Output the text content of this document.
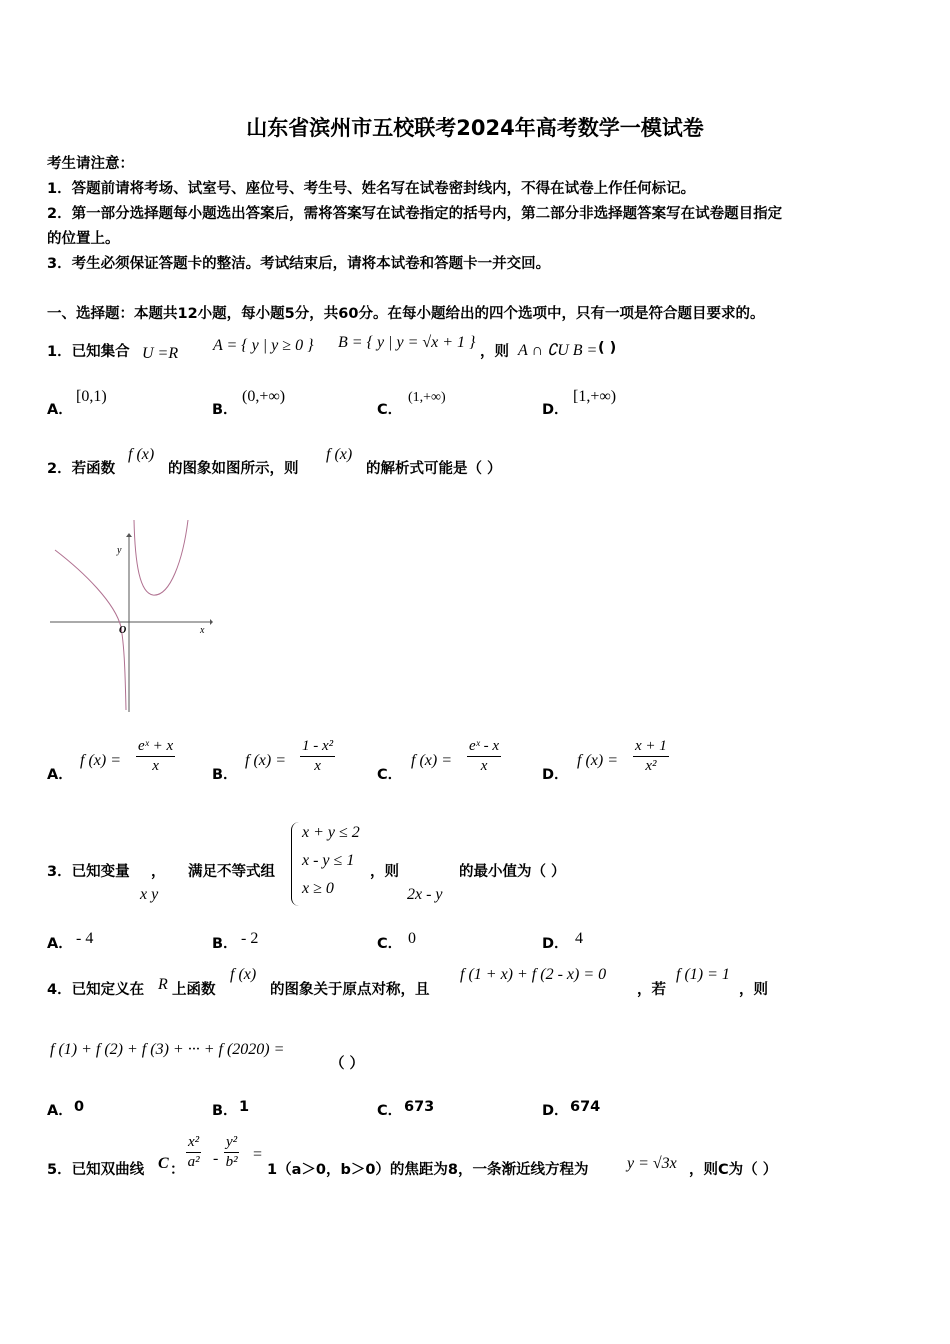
山东省滨州市五校联考2024年高考数学一模试卷
考生请注意：
1．答题前请将考场、试室号、座位号、考生号、姓名写在试卷密封线内，不得在试卷上作任何标记。
2．第一部分选择题每小题选出答案后，需将答案写在试卷指定的括号内，第二部分非选择题答案写在试卷题目指定
的位置上。
3．考生必须保证答题卡的整洁。考试结束后，请将本试卷和答题卡一并交回。
一、选择题：本题共12小题，每小题5分，共60分。在每小题给出的四个选项中，只有一项是符合题目要求的。
1．已知集合 U =R A = { y | y ≥ 0 } B = { y | y = √x + 1 }
，则 A ∩ ∁U B = ( )
A．
[0,1)
B．
(0,+∞)
C．
(1,+∞)
D．
[1,+∞)
2．若函数
f (x)
的图象如图所示，则
f (x)
的解析式可能是（ ）
y
x
O
A．
f $(x) = \frac{\text{eˣ + x}}{x}$	B．
f $(x) = \frac{\text{1 - x²}}{x}$	C．
f $(x) = \frac{\text{eˣ - x}}{x}$	D．
f $(x) = \frac{x + 1}{\text{x²}}$
3．已知变量 ， 满足不等式组
x y
x + y ≤ 2
x - y ≤ 1
x ≥ 0
，则
2x - y
的最小值为（ ）
A． - 4	B． - 2	C． 0	D． 4
4．已知定义在 R 上函数
f (x)
的图象关于原点对称，且
f (1 + x) + f (2 - x) = 0
，若
f (1) = 1
，则
f (1) + f (2) + f (3) + ··· + f (2020) =
（ ）
A． 0	B． 1	C． 673	D． 674
5．已知双曲线 C ： $\frac{\text{x²}}{\text{a²}} - \frac{\text{y²}}{\text{b²}}$ =
1（a＞0，b＞0）的焦距为8，一条渐近线方程为 y = √3x ，则C为（ ）
